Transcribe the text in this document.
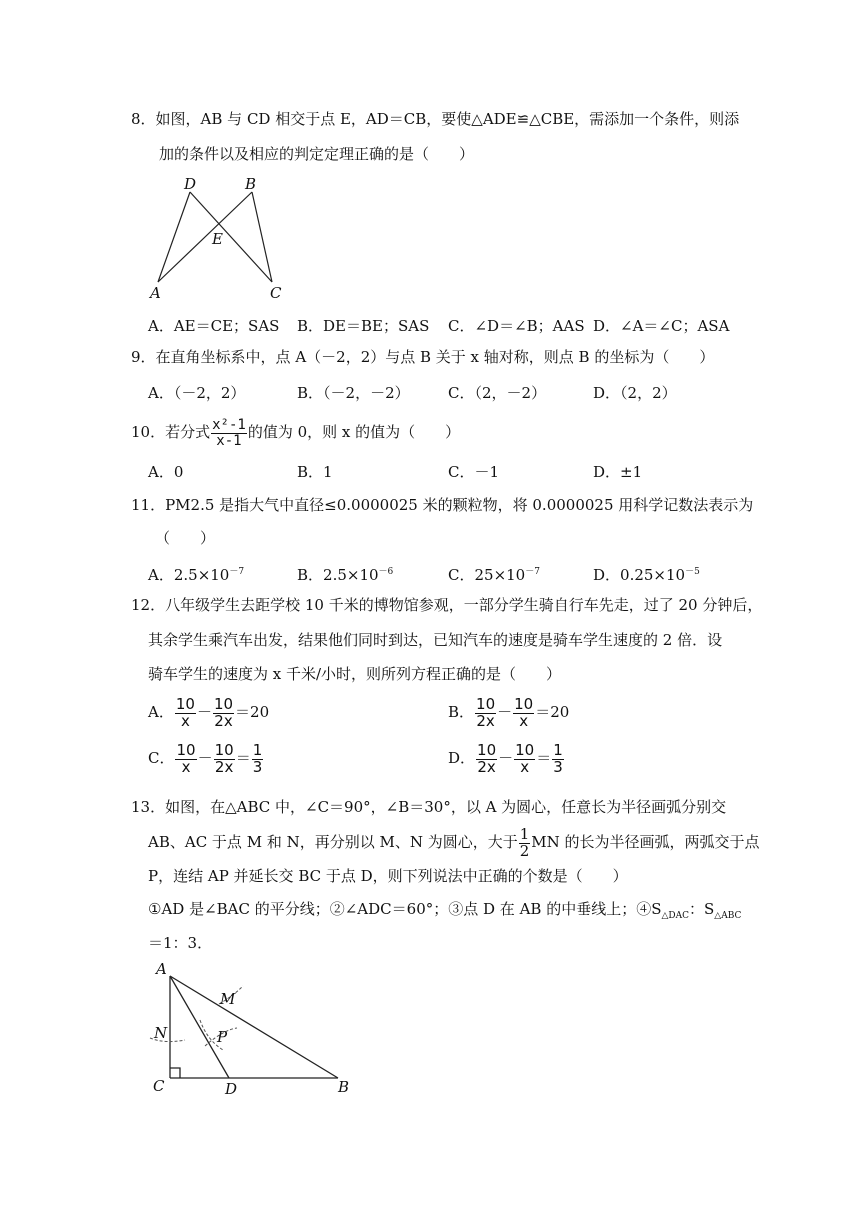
8．如图，AB 与 CD 相交于点 E，AD＝CB，要使△ADE≌△CBE，需添加一个条件，则添
加的条件以及相应的判定定理正确的是（　　）
D	B
E
A	C
A．AE＝CE；SAS B．DE＝BE；SAS C．∠D＝∠B；AAS D．∠A＝∠C；ASA
9．在直角坐标系中，点 A（－2，2）与点 B 关于 x 轴对称，则点 B 的坐标为（　　）
A．（－2，2）	B．（－2，－2）	C．（2，－2）	D．（2，2）
10．若分式 $\frac{\text{x²-1}}{x-1}$ 的值为 0，则 x 的值为（　　）
A．0	B．1	C．－1	D．±1
11．PM2.5 是指大气中直径≤0.0000025 米的颗粒物，将 0.0000025 用科学记数法表示为
（　　）
A．$2.5\times 10^{-7}$	B．$2.5\times 10^{-6}$	C．$25\times 10^{-7}$	D．$0.25\times 10^{-5}$
12．八年级学生去距学校 10 千米的博物馆参观，一部分学生骑自行车先走，过了 20 分钟后，
其余学生乘汽车出发，结果他们同时到达，已知汽车的速度是骑车学生速度的 2 倍．设
骑车学生的速度为 x 千米/小时，则所列方程正确的是（　　）
A． $\frac{10}{x} - \frac{10}{2x} =20$	B． $\frac{10}{2x} - \frac{10}{x} =20$
C． $\frac{10}{x} - \frac{10}{2x} = \frac{1}{3}$	D． $\frac{10}{2x} - \frac{10}{x} = \frac{1}{3}$
13．如图，在△ABC 中，∠C＝90°，∠B＝30°，以 A 为圆心，任意长为半径画弧分别交
AB、AC 于点 M 和 N，再分别以 M、N 为圆心，大于 $\frac{1}{2}$ MN 的长为半径画弧，两弧交于点
P，连结 AP 并延长交 BC 于点 D，则下列说法中正确的个数是（　　）
①AD 是∠BAC 的平分线；②∠ADC＝60°；③点 D 在 AB 的中垂线上；$④S_{\triangle DAC}$：$S_{\triangle ABC}$
＝1：3．
A
M
N	P
C	D	B
